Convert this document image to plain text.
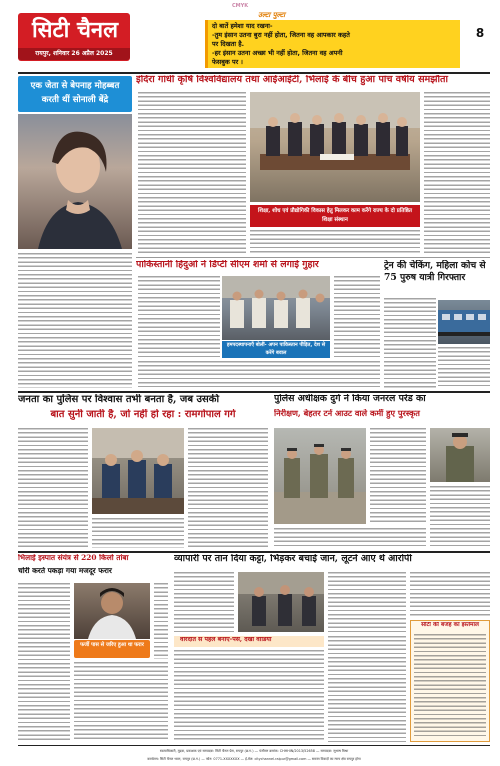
CMYK
सिटी चैनल
रायपुर, शनिवार 26 अप्रैल 2025
उल्टा पुल्टा
दो बातें हमेशा याद रखना-
-तुम इंसान उतना बुरा नहीं होता, जितना वह आपकार कहते
पर दिखता है.
-हर इंसान उतना अच्छा भी नहीं होता, जितना वह अपनी
फेसबुक पर ।
8
एक जेता से बेपनाह मोहब्बत करती थीं सोनाली बेंद्रे
इंदिरा गांधी कृषि विश्वविद्यालय तथा आईआईटी, भिलाई के बीच हुआ पांच वर्षीय समझौता
शिक्षा, शोध एवं प्रौद्योगिकी विकास हेतु मिलकर काम करेंगे राज्य के दो प्रतिष्ठित शिक्षा संस्थान
पाकिस्तानी हिंदुओं ने डिप्टी सीएम शर्मा से लगाई गुहार
हमपदस्थापनाएँ बोलीं- अपन पाकिस्तान पीड़ित, देश से करेंगे बवाल
ट्रेन की चेकिंग, महिला कोच से 75 पुरुष यात्री गिरफ्तार
जनता का पुलिस पर विश्वास तभी बनता है, जब उसकी
बात सुनी जाती है, जो नहीं हो रहा : रामगोपाल गर्ग
पुलिस अधीक्षक दुर्ग ने किया जनरल परेड का
निरीक्षण, बेहतर टर्न आउट वाले कर्मी हुए पुरस्कृत
भिलाई इस्पात संयंत्र से 220 किलो तांबा
चोरी करते पकड़ा गया मजदूर फरार
फर्जी पास से जरिए हुआ था फरार
व्यापारी पर तान दिया कट्टा, भिड़कर बचाई जान, लूटने आए थे आरोपी
वारदात से पहले बनाए-पैसे, देखी वीडियो
सीटी की बजह का इस्तेमाल
स्वत्वाधिकारी, मुद्रक, प्रकाशक एवं सम्पादक: सिटी चैनल प्रेस, रायपुर (छ.ग.) — पंजीयन क्रमांक: CHHHIN/2013/52658 — सम्पादक: सुभाष मिश्रा
कार्यालय: सिटी चैनल भवन, रायपुर (छ.ग.) — फोन: 0771-XXXXXXX — ई-मेल: citychannel.raipur@gmail.com — समस्त विवादों का न्याय क्षेत्र रायपुर होगा
